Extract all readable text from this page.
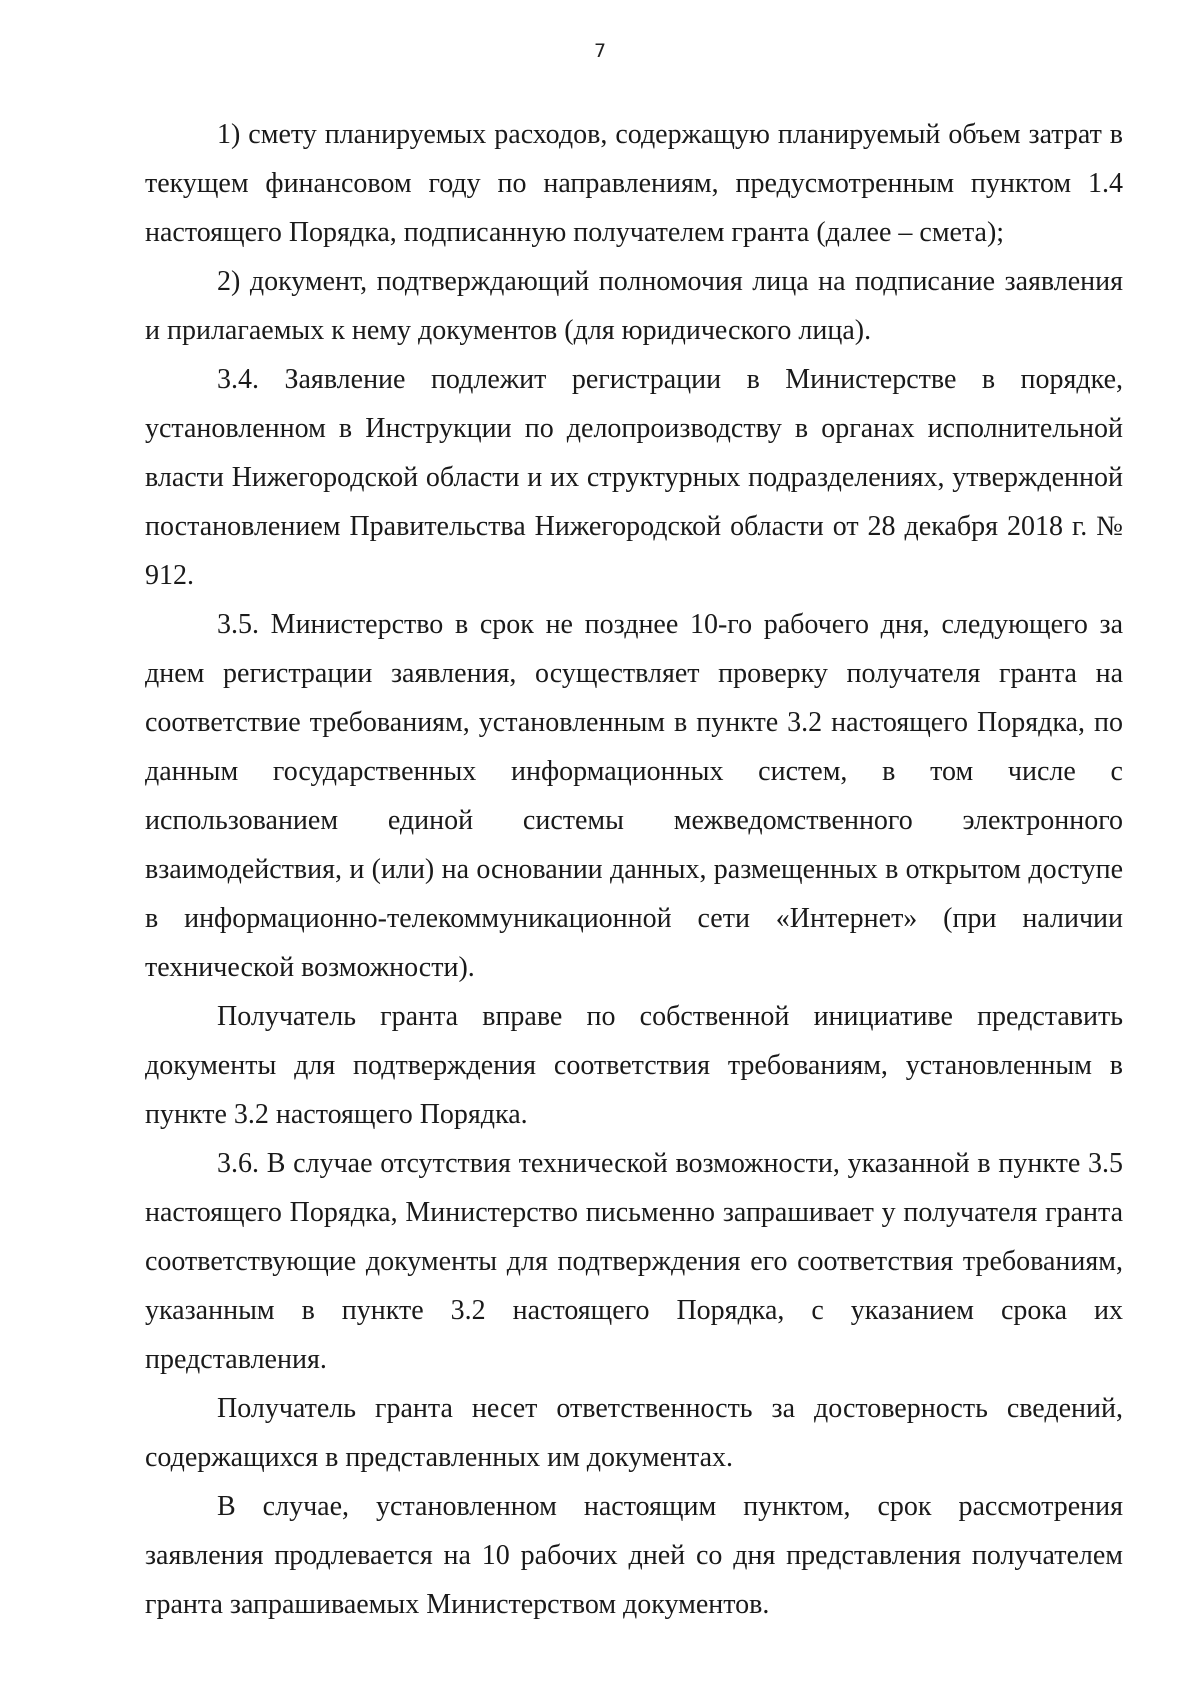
7

1) смету планируемых расходов, содержащую планируемый объем затрат в текущем финансовом году по направлениям, предусмотренным пунктом 1.4 настоящего Порядка, подписанную получателем гранта (далее – смета);

2) документ, подтверждающий полномочия лица на подписание заявления и прилагаемых к нему документов (для юридического лица).

3.4. Заявление подлежит регистрации в Министерстве в порядке, установленном в Инструкции по делопроизводству в органах исполнительной власти Нижегородской области и их структурных подразделениях, утвержденной постановлением Правительства Нижегородской области от 28 декабря 2018 г. № 912.

3.5. Министерство в срок не позднее 10-го рабочего дня, следующего за днем регистрации заявления, осуществляет проверку получателя гранта на соответствие требованиям, установленным в пункте 3.2 настоящего Порядка, по данным государственных информационных систем, в том числе с использованием единой системы межведомственного электронного взаимодействия, и (или) на основании данных, размещенных в открытом доступе в информационно-телекоммуникационной сети «Интернет» (при наличии технической возможности).

Получатель гранта вправе по собственной инициативе представить документы для подтверждения соответствия требованиям, установленным в пункте 3.2 настоящего Порядка.

3.6. В случае отсутствия технической возможности, указанной в пункте 3.5 настоящего Порядка, Министерство письменно запрашивает у получателя гранта соответствующие документы для подтверждения его соответствия требованиям, указанным в пункте 3.2 настоящего Порядка, с указанием срока их представления.

Получатель гранта несет ответственность за достоверность сведений, содержащихся в представленных им документах.

В случае, установленном настоящим пунктом, срок рассмотрения заявления продлевается на 10 рабочих дней со дня представления получателем гранта запрашиваемых Министерством документов.
